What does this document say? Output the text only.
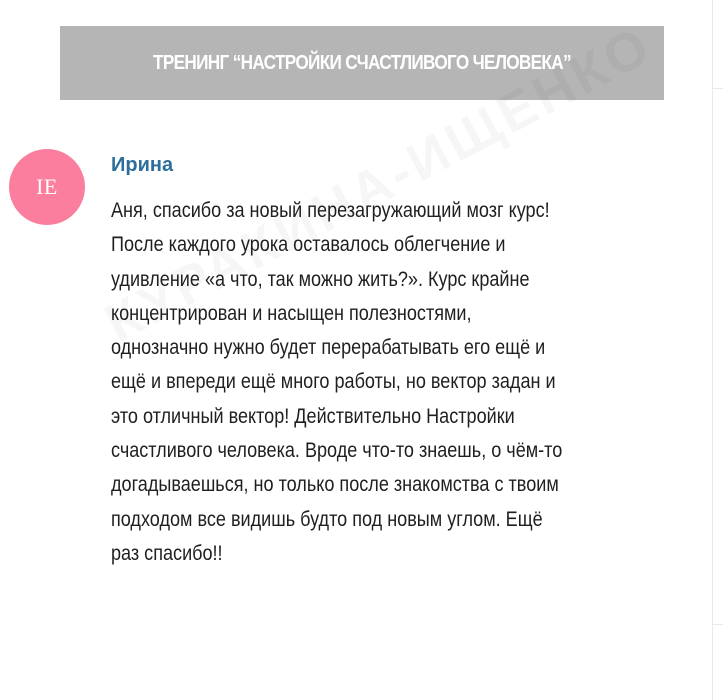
ТРЕНИНГ “НАСТРОЙКИ СЧАСТЛИВОГО ЧЕЛОВЕКА”
IE
Ирина
Аня, спасибо за новый перезагружающий мозг курс!
После каждого урока оставалось облегчение и
удивление «а что, так можно жить?». Курс крайне
концентрирован и насыщен полезностями,
однозначно нужно будет перерабатывать его ещё и
ещё и впереди ещё много работы, но вектор задан и
это отличный вектор! Действительно Настройки
счастливого человека. Вроде что-то знаешь, о чём-то
догадываешься, но только после знакомства с твоим
подходом все видишь будто под новым углом. Ещё
раз спасибо!!
